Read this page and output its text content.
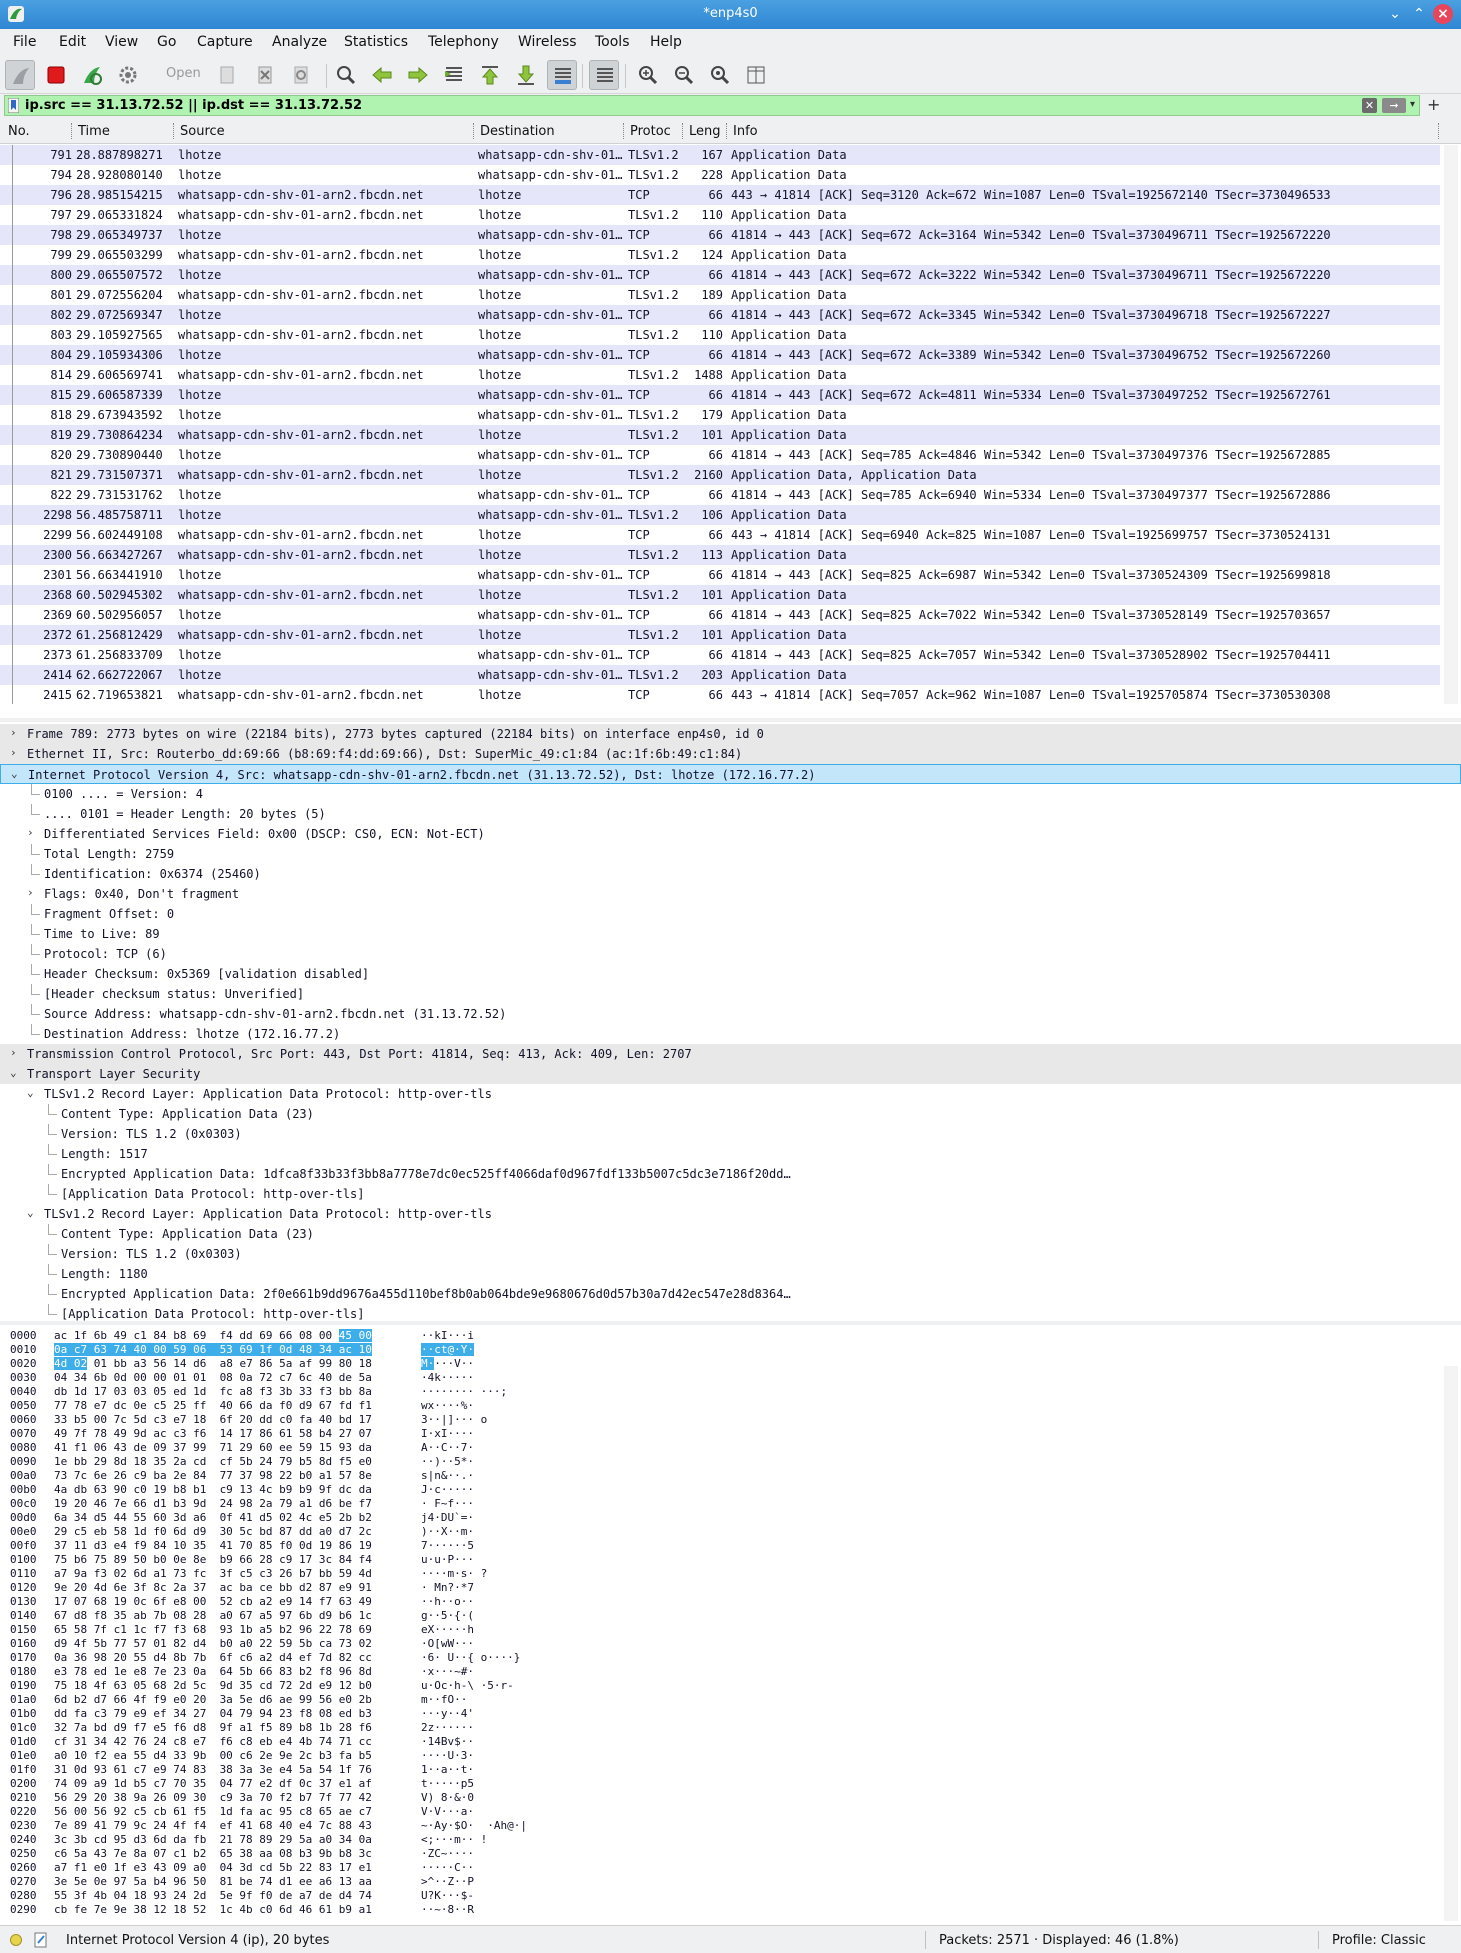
*enp4s0	⌄ ⌃ ×
File Edit View Go Capture Analyze Statistics Telephony Wireless Tools Help
Open
ip.src == 31.13.72.52 || ip.dst == 31.13.72.52
✕	➞	▾ +
No.	Time	Source	Destination	Protoc Leng Info
791 28.887898271 lhotze	whatsapp-cdn-shv-01… TLSv1.2	167 Application Data
794 28.928080140 lhotze	whatsapp-cdn-shv-01… TLSv1.2	228 Application Data
796 28.985154215 whatsapp-cdn-shv-01-arn2.fbcdn.net	lhotze	TCP	66 443 → 41814 [ACK] Seq=3120 Ack=672 Win=1087 Len=0 TSval=1925672140 TSecr=3730496533
797 29.065331824 whatsapp-cdn-shv-01-arn2.fbcdn.net	lhotze	TLSv1.2	110 Application Data
798 29.065349737 lhotze	whatsapp-cdn-shv-01… TCP	66 41814 → 443 [ACK] Seq=672 Ack=3164 Win=5342 Len=0 TSval=3730496711 TSecr=1925672220
799 29.065503299 whatsapp-cdn-shv-01-arn2.fbcdn.net	lhotze	TLSv1.2	124 Application Data
800 29.065507572 lhotze	whatsapp-cdn-shv-01… TCP	66 41814 → 443 [ACK] Seq=672 Ack=3222 Win=5342 Len=0 TSval=3730496711 TSecr=1925672220
801 29.072556204 whatsapp-cdn-shv-01-arn2.fbcdn.net	lhotze	TLSv1.2	189 Application Data
802 29.072569347 lhotze	whatsapp-cdn-shv-01… TCP	66 41814 → 443 [ACK] Seq=672 Ack=3345 Win=5342 Len=0 TSval=3730496718 TSecr=1925672227
803 29.105927565 whatsapp-cdn-shv-01-arn2.fbcdn.net	lhotze	TLSv1.2	110 Application Data
804 29.105934306 lhotze	whatsapp-cdn-shv-01… TCP	66 41814 → 443 [ACK] Seq=672 Ack=3389 Win=5342 Len=0 TSval=3730496752 TSecr=1925672260
814 29.606569741 whatsapp-cdn-shv-01-arn2.fbcdn.net	lhotze	TLSv1.2	1488 Application Data
815 29.606587339 lhotze	whatsapp-cdn-shv-01… TCP	66 41814 → 443 [ACK] Seq=672 Ack=4811 Win=5334 Len=0 TSval=3730497252 TSecr=1925672761
818 29.673943592 lhotze	whatsapp-cdn-shv-01… TLSv1.2	179 Application Data
819 29.730864234 whatsapp-cdn-shv-01-arn2.fbcdn.net	lhotze	TLSv1.2	101 Application Data
820 29.730890440 lhotze	whatsapp-cdn-shv-01… TCP	66 41814 → 443 [ACK] Seq=785 Ack=4846 Win=5342 Len=0 TSval=3730497376 TSecr=1925672885
821 29.731507371 whatsapp-cdn-shv-01-arn2.fbcdn.net	lhotze	TLSv1.2	2160 Application Data, Application Data
822 29.731531762 lhotze	whatsapp-cdn-shv-01… TCP	66 41814 → 443 [ACK] Seq=785 Ack=6940 Win=5334 Len=0 TSval=3730497377 TSecr=1925672886
2298 56.485758711 lhotze	whatsapp-cdn-shv-01… TLSv1.2	106 Application Data
2299 56.602449108 whatsapp-cdn-shv-01-arn2.fbcdn.net	lhotze	TCP	66 443 → 41814 [ACK] Seq=6940 Ack=825 Win=1087 Len=0 TSval=1925699757 TSecr=3730524131
2300 56.663427267 whatsapp-cdn-shv-01-arn2.fbcdn.net	lhotze	TLSv1.2	113 Application Data
2301 56.663441910 lhotze	whatsapp-cdn-shv-01… TCP	66 41814 → 443 [ACK] Seq=825 Ack=6987 Win=5342 Len=0 TSval=3730524309 TSecr=1925699818
2368 60.502945302 whatsapp-cdn-shv-01-arn2.fbcdn.net	lhotze	TLSv1.2	101 Application Data
2369 60.502956057 lhotze	whatsapp-cdn-shv-01… TCP	66 41814 → 443 [ACK] Seq=825 Ack=7022 Win=5342 Len=0 TSval=3730528149 TSecr=1925703657
2372 61.256812429 whatsapp-cdn-shv-01-arn2.fbcdn.net	lhotze	TLSv1.2	101 Application Data
2373 61.256833709 lhotze	whatsapp-cdn-shv-01… TCP	66 41814 → 443 [ACK] Seq=825 Ack=7057 Win=5342 Len=0 TSval=3730528902 TSecr=1925704411
2414 62.662722067 lhotze	whatsapp-cdn-shv-01… TLSv1.2	203 Application Data
2415 62.719653821 whatsapp-cdn-shv-01-arn2.fbcdn.net	lhotze	TCP	66 443 → 41814 [ACK] Seq=7057 Ack=962 Win=1087 Len=0 TSval=1925705874 TSecr=3730530308
› Frame 789: 2773 bytes on wire (22184 bits), 2773 bytes captured (22184 bits) on interface enp4s0, id 0
› Ethernet II, Src: Routerbo_dd:69:66 (b8:69:f4:dd:69:66), Dst: SuperMic_49:c1:84 (ac:1f:6b:49:c1:84)
⌄ Internet Protocol Version 4, Src: whatsapp-cdn-shv-01-arn2.fbcdn.net (31.13.72.52), Dst: lhotze (172.16.77.2)
0100 .... = Version: 4
.... 0101 = Header Length: 20 bytes (5)
› Differentiated Services Field: 0x00 (DSCP: CS0, ECN: Not-ECT)
Total Length: 2759
Identification: 0x6374 (25460)
› Flags: 0x40, Don't fragment
Fragment Offset: 0
Time to Live: 89
Protocol: TCP (6)
Header Checksum: 0x5369 [validation disabled]
[Header checksum status: Unverified]
Source Address: whatsapp-cdn-shv-01-arn2.fbcdn.net (31.13.72.52)
Destination Address: lhotze (172.16.77.2)
› Transmission Control Protocol, Src Port: 443, Dst Port: 41814, Seq: 413, Ack: 409, Len: 2707
⌄ Transport Layer Security
⌄ TLSv1.2 Record Layer: Application Data Protocol: http-over-tls
Content Type: Application Data (23)
Version: TLS 1.2 (0x0303)
Length: 1517
Encrypted Application Data: 1dfca8f33b33f3bb8a7778e7dc0ec525ff4066daf0d967fdf133b5007c5dc3e7186f20dd…
[Application Data Protocol: http-over-tls]
⌄ TLSv1.2 Record Layer: Application Data Protocol: http-over-tls
Content Type: Application Data (23)
Version: TLS 1.2 (0x0303)
Length: 1180
Encrypted Application Data: 2f0e661b9dd9676a455d110bef8b0ab064bde9e9680676d0d57b30a7d42ec547e28d8364…
[Application Data Protocol: http-over-tls]
0000 ac 1f 6b 49 c1 84 b8 69  f4 dd 69 66 08 00 45 00	··kI···i
0010 0a c7 63 74 40 00 59 06  53 69 1f 0d 48 34 ac 10	··ct@·Y·
0020 4d 02 01 bb a3 56 14 d6  a8 e7 86 5a af 99 80 18	M····V··
0030 04 34 6b 0d 00 00 01 01  08 0a 72 c7 6c 40 de 5a	·4k·····
0040 db 1d 17 03 03 05 ed 1d  fc a8 f3 3b 33 f3 bb 8a	········ ···;
0050 77 78 e7 dc 0e c5 25 ff  40 66 da f0 d9 67 fd f1	wx····%·
0060 33 b5 00 7c 5d c3 e7 18  6f 20 dd c0 fa 40 bd 17	3··|]··· o
0070 49 7f 78 49 9d ac c3 f6  14 17 86 61 58 b4 27 07	I·xI····
0080 41 f1 06 43 de 09 37 99  71 29 60 ee 59 15 93 da	A··C··7·
0090 1e bb 29 8d 18 35 2a cd  cf 5b 24 79 b5 8d f5 e0	··)··5*·
00a0 73 7c 6e 26 c9 ba 2e 84  77 37 98 22 b0 a1 57 8e	s|n&··.·
00b0 4a db 63 90 c0 19 b8 b1  c9 13 4c b9 b9 9f dc da	J·c·····
00c0 19 20 46 7e 66 d1 b3 9d  24 98 2a 79 a1 d6 be f7	· F~f···
00d0 6a 34 d5 44 55 60 3d a6  0f 41 d5 02 4c e5 2b b2	j4·DU`=·
00e0 29 c5 eb 58 1d f0 6d d9  30 5c bd 87 dd a0 d7 2c	)··X··m·
00f0 37 11 d3 e4 f9 84 10 35  41 70 85 f0 0d 19 86 19	7······5
0100 75 b6 75 89 50 b0 0e 8e  b9 66 28 c9 17 3c 84 f4	u·u·P···
0110 a7 9a f3 02 6d a1 73 fc  3f c5 c3 26 b7 bb 59 4d	····m·s· ?
0120 9e 20 4d 6e 3f 8c 2a 37  ac ba ce bb d2 87 e9 91	· Mn?·*7
0130 17 07 68 19 0c 6f e8 00  52 cb a2 e9 14 f7 63 49	··h··o··
0140 67 d8 f8 35 ab 7b 08 28  a0 67 a5 97 6b d9 b6 1c	g··5·{·(
0150 65 58 7f c1 1c f7 f3 68  93 1b a5 b2 96 22 78 69	eX·····h
0160 d9 4f 5b 77 57 01 82 d4  b0 a0 22 59 5b ca 73 02	·O[wW···
0170 0a 36 98 20 55 d4 8b 7b  6f c6 a2 d4 ef 7d 82 cc	·6· U··{ o····}
0180 e3 78 ed 1e e8 7e 23 0a  64 5b 66 83 b2 f8 96 8d	·x···~#·
0190 75 18 4f 63 05 68 2d 5c  9d 35 cd 72 2d e9 12 b0	u·Oc·h-\ ·5·r-
01a0 6d b2 d7 66 4f f9 e0 20  3a 5e d6 ae 99 56 e0 2b	m··fO··
01b0 dd fa c3 79 e9 ef 34 27  04 79 94 23 f8 08 ed b3	···y··4'
01c0 32 7a bd d9 f7 e5 f6 d8  9f a1 f5 89 b8 1b 28 f6	2z······
01d0 cf 31 34 42 76 24 c8 e7  f6 c8 eb e4 4b 74 71 cc	·14Bv$··
01e0 a0 10 f2 ea 55 d4 33 9b  00 c6 2e 9e 2c b3 fa b5	····U·3·
01f0 31 0d 93 61 c7 e9 74 83  38 3a 3e e4 5a 54 1f 76	1··a··t·
0200 74 09 a9 1d b5 c7 70 35  04 77 e2 df 0c 37 e1 af	t·····p5
0210 56 29 20 38 9a 26 09 30  c9 3a 70 f2 b7 7f 77 42	V) 8·&·0
0220 56 00 56 92 c5 cb 61 f5  1d fa ac 95 c8 65 ae c7	V·V···a·
0230 7e 89 41 79 9c 24 4f f4  ef 41 68 40 e4 7c 88 43	~·Ay·$O·  ·Ah@·|
0240 3c 3b cd 95 d3 6d da fb  21 78 89 29 5a a0 34 0a	<;···m·· !
0250 c6 5a 43 7e 8a 07 c1 b2  65 38 aa 08 b3 9b b8 3c	·ZC~····
0260 a7 f1 e0 1f e3 43 09 a0  04 3d cd 5b 22 83 17 e1	·····C··
0270 3e 5e 0e 97 5a b4 96 50  81 be 74 d1 ee a6 13 aa	>^··Z··P
0280 55 3f 4b 04 18 93 24 2d  5e 9f f0 de a7 de d4 74	U?K···$-
0290 cb fe 7e 9e 38 12 18 52  1c 4b c0 6d 46 61 b9 a1	··~·8··R
Internet Protocol Version 4 (ip), 20 bytes	Packets: 2571 · Displayed: 46 (1.8%)	Profile: Classic
